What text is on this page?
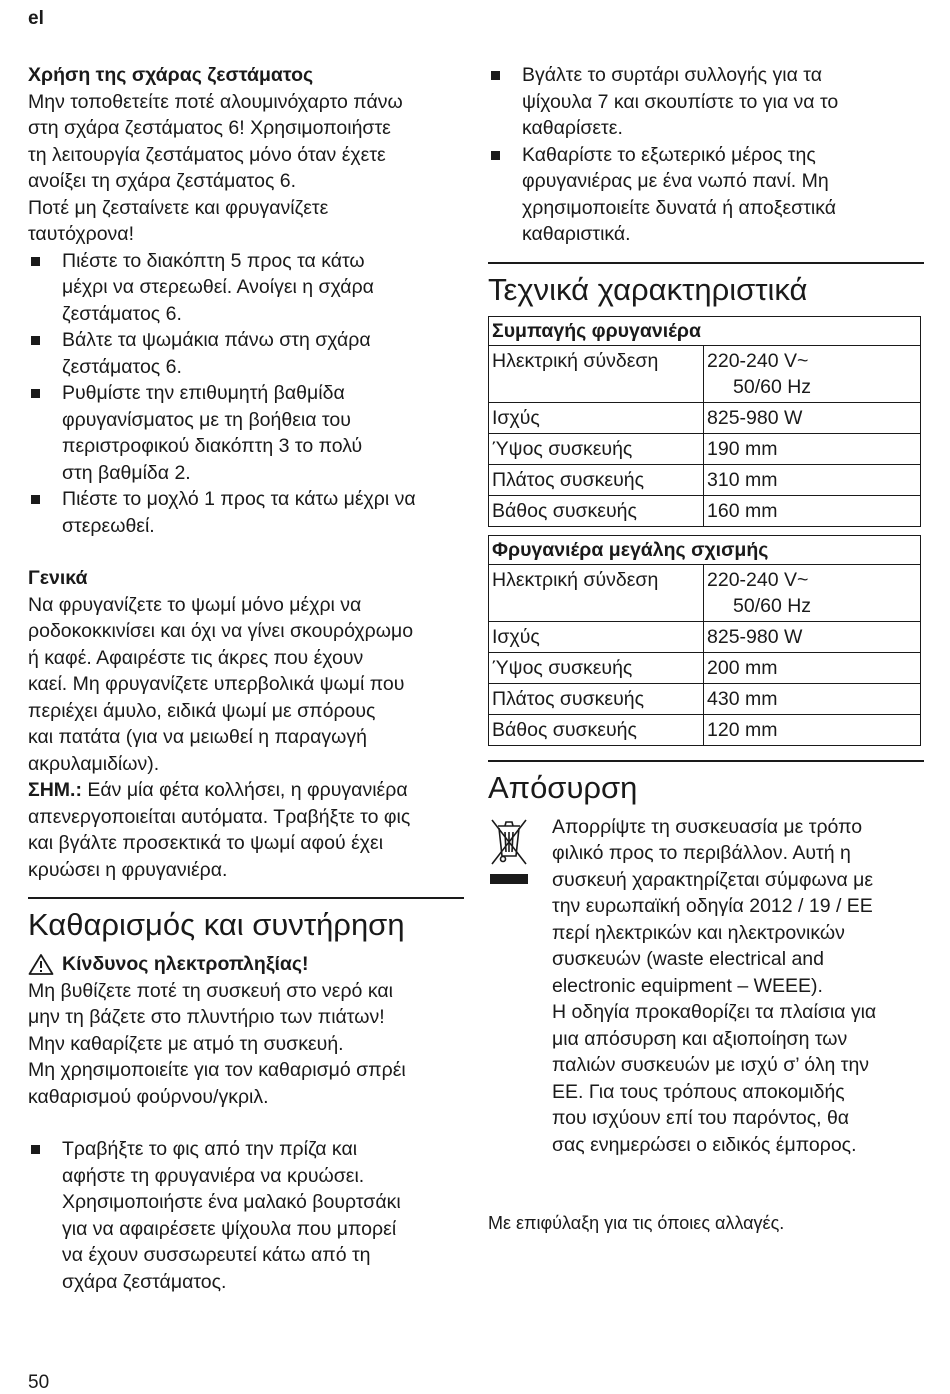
el

Χρήση της σχάρας ζεστάματος

Μην τοποθετείτε ποτέ αλουμινόχαρτο πάνω

στη σχάρα ζεστάματος 6! Χρησιμοποιήστε

τη λειτουργία ζεστάματος μόνο όταν έχετε

ανοίξει τη σχάρα ζεστάματος 6.

Ποτέ μη ζεσταίνετε και φρυγανίζετε

ταυτόχρονα!

Πιέστε το διακόπτη 5 προς τα κάτω

μέχρι να στερεωθεί. Ανοίγει η σχάρα

ζεστάματος 6.

Βάλτε τα ψωμάκια πάνω στη σχάρα

ζεστάματος 6.

Ρυθμίστε την επιθυμητή βαθμίδα

φρυγανίσματος με τη βοήθεια του

περιστροφικού διακόπτη 3 το πολύ

στη βαθμίδα 2.

Πιέστε το μοχλό 1 προς τα κάτω μέχρι να

στερεωθεί.

Γενικά

Να φρυγανίζετε το ψωμί μόνο μέχρι να

ροδοκοκκινίσει και όχι να γίνει σκουρόχρωμο

ή καφέ. Αφαιρέστε τις άκρες που έχουν

καεί. Μη φρυγανίζετε υπερβολικά ψωμί που

περιέχει άμυλο, ειδικά ψωμί με σπόρους

και πατάτα (για να μειωθεί η παραγωγή

ακρυλαμιδίων).

ΣΗΜ.: Εάν μία φέτα κολλήσει, η φρυγανιέρα

απενεργοποιείται αυτόματα. Τραβήξτε το φις

και βγάλτε προσεκτικά το ψωμί αφού έχει

κρυώσει η φρυγανιέρα.

Καθαρισμός και συντήρηση

Κίνδυνος ηλεκτροπληξίας!

Μη βυθίζετε ποτέ τη συσκευή στο νερό και

μην τη βάζετε στο πλυντήριο των πιάτων!

Μην καθαρίζετε με ατμό τη συσκευή.

Μη χρησιμοποιείτε για τον καθαρισμό σπρέι

καθαρισμού φούρνου/γκριλ.

Τραβήξτε το φις από την πρίζα και

αφήστε τη φρυγανιέρα να κρυώσει.

Χρησιμοποιήστε ένα μαλακό βουρτσάκι

για να αφαιρέσετε ψίχουλα που μπορεί

να έχουν συσσωρευτεί κάτω από τη

σχάρα ζεστάματος.

Βγάλτε το συρτάρι συλλογής για τα

ψίχουλα 7 και σκουπίστε το για να το

καθαρίσετε.

Καθαρίστε το εξωτερικό μέρος της

φρυγανιέρας με ένα νωπό πανί. Μη

χρησιμοποιείτε δυνατά ή αποξεστικά

καθαριστικά.

Τεχνικά χαρακτηριστικά
Συμπαγής φρυγανιέρα	
Ηλεκτρική σύνδεση	220-240 V~
50/60 Hz

Ισχύς	825-980 W
Ύψος συσκευής	190 mm
Πλάτος συσκευής	310 mm
Βάθος συσκευής	160 mm
Φρυγανιέρα μεγάλης σχισμής	
Ηλεκτρική σύνδεση	220-240 V~
50/60 Hz

Ισχύς	825-980 W
Ύψος συσκευής	200 mm
Πλάτος συσκευής	430 mm
Βάθος συσκευής	120 mm
Απόσυρση

Απορρίψτε τη συσκευασία με τρόπο

φιλικό προς το περιβάλλον. Αυτή η

συσκευή χαρακτηρίζεται σύμφωνα με

την ευρωπαϊκή οδηγία 2012 / 19 / ΕΕ

περί ηλεκτρικών και ηλεκτρονικών

συσκευών (waste electrical and

electronic equipment – WEEE).

Η οδηγία προκαθορίζει τα πλαίσια για

μια απόσυρση και αξιοποίηση των

παλιών συσκευών με ισχύ σ’ όλη την

ΕΕ. Για τους τρόπους αποκομιδής

που ισχύουν επί του παρόντος, θα

σας ενημερώσει ο ειδικός έμπορος.

Με επιφύλαξη για τις όποιες αλλαγές.

50
